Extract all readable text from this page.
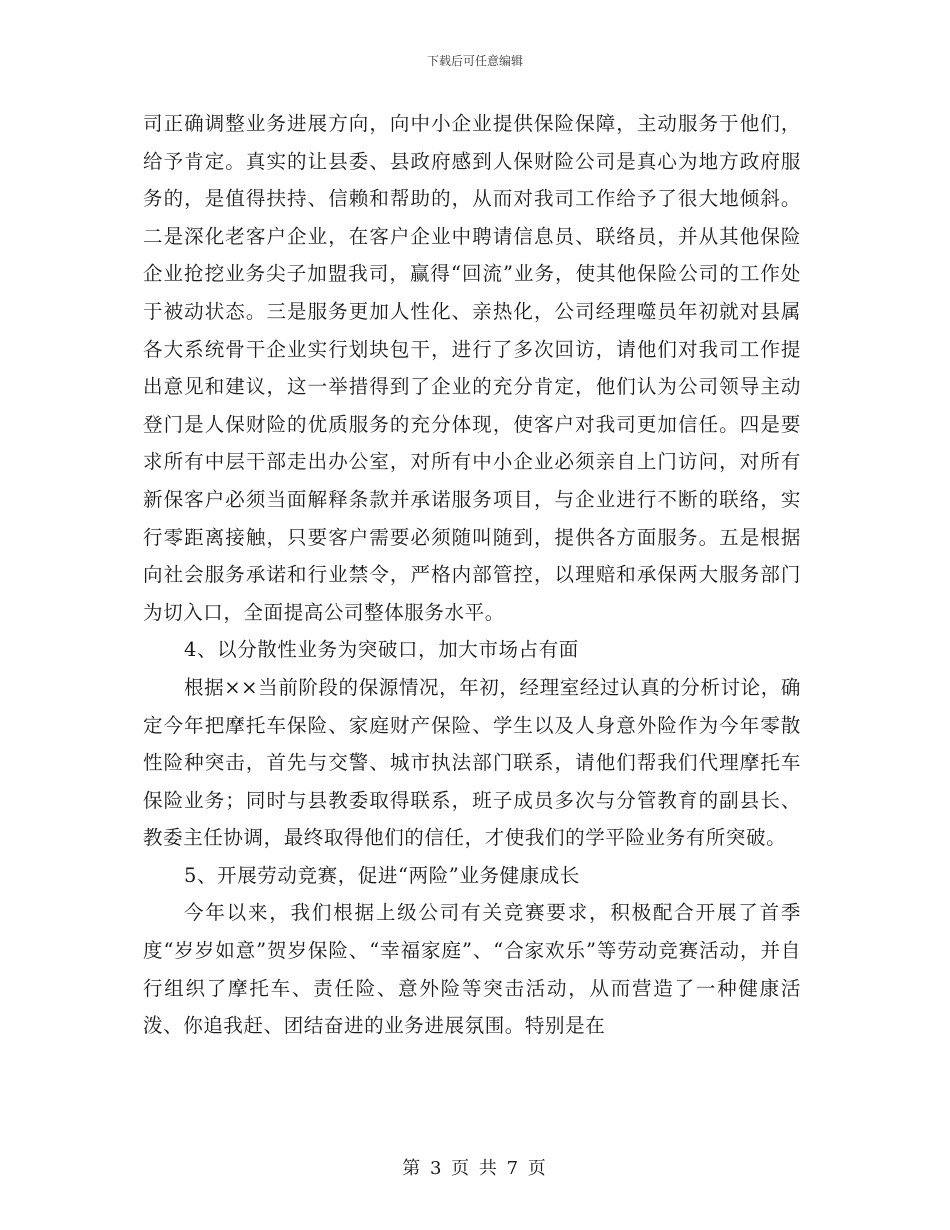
下载后可任意编辑

司正确调整业务进展方向，向中小企业提供保险保障，主动服务于他们，给予肯定。真实的让县委、县政府感到人保财险公司是真心为地方政府服务的，是值得扶持、信赖和帮助的，从而对我司工作给予了很大地倾斜。二是深化老客户企业，在客户企业中聘请信息员、联络员，并从其他保险企业抢挖业务尖子加盟我司，赢得“回流”业务，使其他保险公司的工作处于被动状态。三是服务更加人性化、亲热化，公司经理噬员年初就对县属各大系统骨干企业实行划块包干，进行了多次回访，请他们对我司工作提出意见和建议，这一举措得到了企业的充分肯定，他们认为公司领导主动登门是人保财险的优质服务的充分体现，使客户对我司更加信任。四是要求所有中层干部走出办公室，对所有中小企业必须亲自上门访问，对所有新保客户必须当面解释条款并承诺服务项目，与企业进行不断的联络，实行零距离接触，只要客户需要必须随叫随到，提供各方面服务。五是根据向社会服务承诺和行业禁令，严格内部管控，以理赔和承保两大服务部门为切入口，全面提高公司整体服务水平。

4、以分散性业务为突破口，加大市场占有面

根据××当前阶段的保源情况，年初，经理室经过认真的分析讨论，确定今年把摩托车保险、家庭财产保险、学生以及人身意外险作为今年零散性险种突击，首先与交警、城市执法部门联系，请他们帮我们代理摩托车保险业务；同时与县教委取得联系，班子成员多次与分管教育的副县长、教委主任协调，最终取得他们的信任，才使我们的学平险业务有所突破。

5、开展劳动竞赛，促进“两险”业务健康成长

今年以来，我们根据上级公司有关竞赛要求，积极配合开展了首季度“岁岁如意”贺岁保险、“幸福家庭”、“合家欢乐”等劳动竞赛活动，并自行组织了摩托车、责任险、意外险等突击活动，从而营造了一种健康活泼、你追我赶、团结奋进的业务进展氛围。特别是在

第 3 页 共 7 页
